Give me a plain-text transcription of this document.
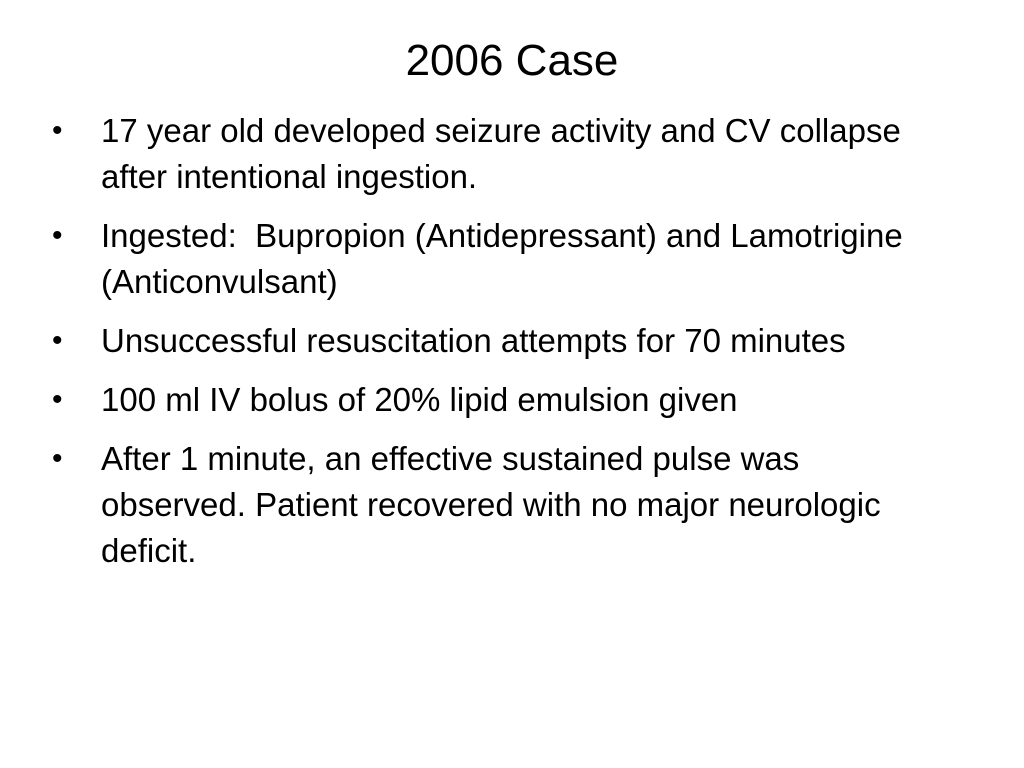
2006 Case
•	17 year old developed seizure activity and CV collapse after intentional ingestion.
•	Ingested:  Bupropion (Antidepressant) and Lamotrigine (Anticonvulsant)
•	Unsuccessful resuscitation attempts for 70 minutes
•	100 ml IV bolus of 20% lipid emulsion given
•	After 1 minute, an effective sustained pulse was observed. Patient recovered with no major neurologic deficit.
